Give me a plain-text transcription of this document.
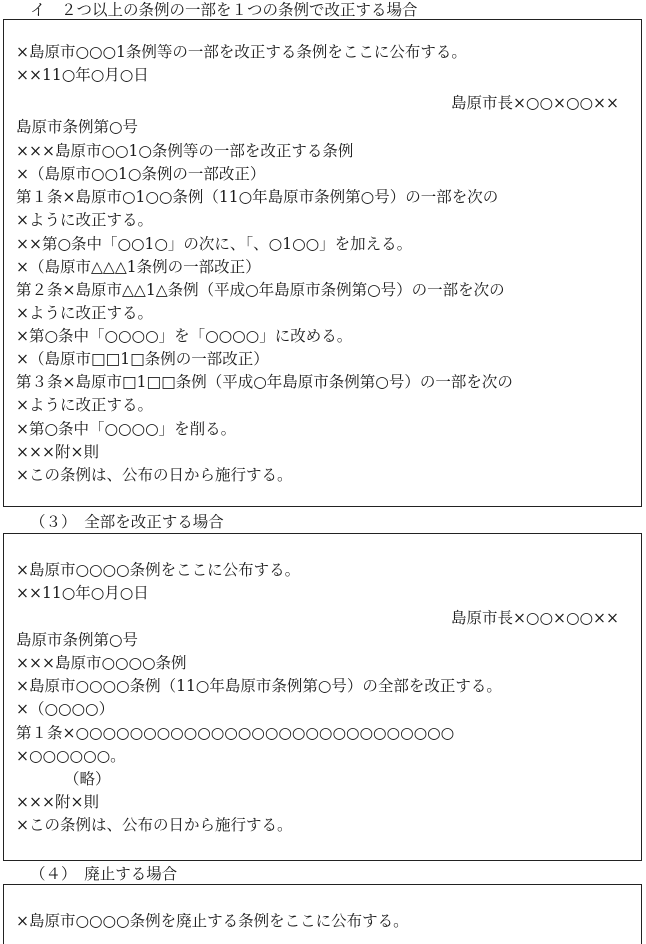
イ　２つ以上の条例の一部を１つの条例で改正する場合
×島原市○○○1条例等の一部を改正する条例をここに公布する。
××11○年○月○日
島原市長×○○×○○××
島原市条例第○号
×××島原市○○1○条例等の一部を改正する条例
×（島原市○○1○条例の一部改正）
第１条×島原市○1○○条例（11○年島原市条例第○号）の一部を次の
×ように改正する。
××第○条中「○○1○」の次に、「、○1○○」を加える。
×（島原市△△△1条例の一部改正）
第２条×島原市△△1△条例（平成○年島原市条例第○号）の一部を次の
×ように改正する。
×第○条中「○○○○」を「○○○○」に改める。
×（島原市□□1□条例の一部改正）
第３条×島原市□1□□条例（平成○年島原市条例第○号）の一部を次の
×ように改正する。
×第○条中「○○○○」を削る。
×××附×則
×この条例は、公布の日から施行する。
（３）　全部を改正する場合
×島原市○○○○条例をここに公布する。
××11○年○月○日
島原市長×○○×○○××
島原市条例第○号
×××島原市○○○○条例
×島原市○○○○条例（11○年島原市条例第○号）の全部を改正する。
×（○○○○）
第１条×○○○○○○○○○○○○○○○○○○○○○○○○○○○○
×○○○○○○。
（略）
×××附×則
×この条例は、公布の日から施行する。
（４）　廃止する場合
×島原市○○○○条例を廃止する条例をここに公布する。
